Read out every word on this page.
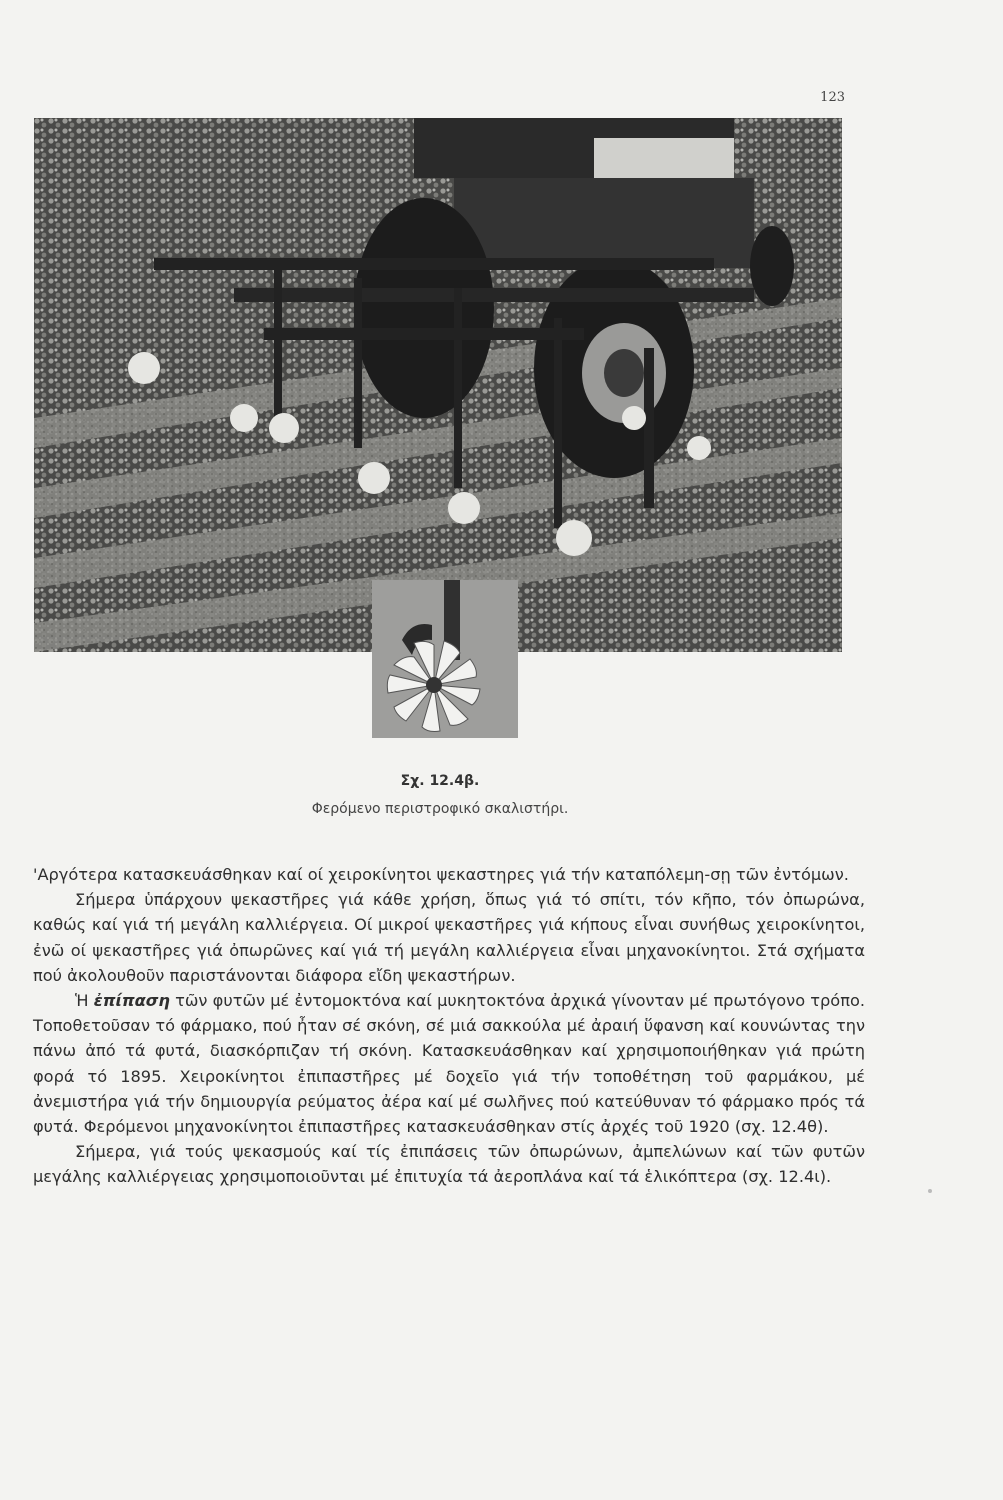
123
Σχ. 12.4β.
Φερόμενο περιστροφικό σκαλιστήρι.

'Αργότερα κατασκευάσθηκαν καί οί χειροκίνητοι ψεκαστηρες γιά τήν καταπόλεμη-σῃ τῶν ἐντόμων.

Σήμερα ὑπάρχουν ψεκαστῆρες γιά κάθε χρήση, ὅπως γιά τό σπίτι, τόν κῆπο, τόν ὀπωρώνα, καθώς καί γιά τή μεγάλη καλλιέργεια. Οί μικροί ψεκαστῆρες γιά κήπους εἶναι συνήθως χειροκίνητοι, ἐνῶ οί ψεκαστῆρες γιά ὀπωρῶνες καί γιά τή μεγάλη καλλιέργεια εἶναι μηχανοκίνητοι. Στά σχήματα πού ἀκολουθοῦν παριστάνονται διάφορα εἴδη ψεκαστήρων.

Ἡ ἐπίπαση τῶν φυτῶν μέ ἐντομοκτόνα καί μυκητοκτόνα ἀρχικά γίνονταν μέ πρωτόγονο τρόπο. Τοποθετοῦσαν τό φάρμακο, πού ἦταν σέ σκόνη, σέ μιά σακκούλα μέ ἀραιή ὕφανση καί κουνώντας την πάνω ἀπό τά φυτά, διασκόρπιζαν τή σκόνη. Κατασκευάσθηκαν καί χρησιμοποιήθηκαν γιά πρώτη φορά τό 1895. Χειροκίνητοι ἐπιπαστῆρες μέ δοχεῖο γιά τήν τοποθέτηση τοῦ φαρμάκου, μέ ἀνεμιστήρα γιά τήν δημιουργία ρεύματος ἀέρα καί μέ σωλῆνες πού κατεύθυναν τό φάρμακο πρός τά φυτά. Φερόμενοι μηχανοκίνητοι ἐπιπαστῆρες κατασκευάσθηκαν στίς ἀρχές τοῦ 1920 (σχ. 12.4θ).

Σήμερα, γιά τούς ψεκασμούς καί τίς ἐπιπάσεις τῶν ὀπωρώνων, ἀμπελώνων καί τῶν φυτῶν μεγάλης καλλιέργειας χρησιμοποιοῦνται μέ ἐπιτυχία τά ἀεροπλάνα καί τά ἑλικόπτερα (σχ. 12.4ι).
